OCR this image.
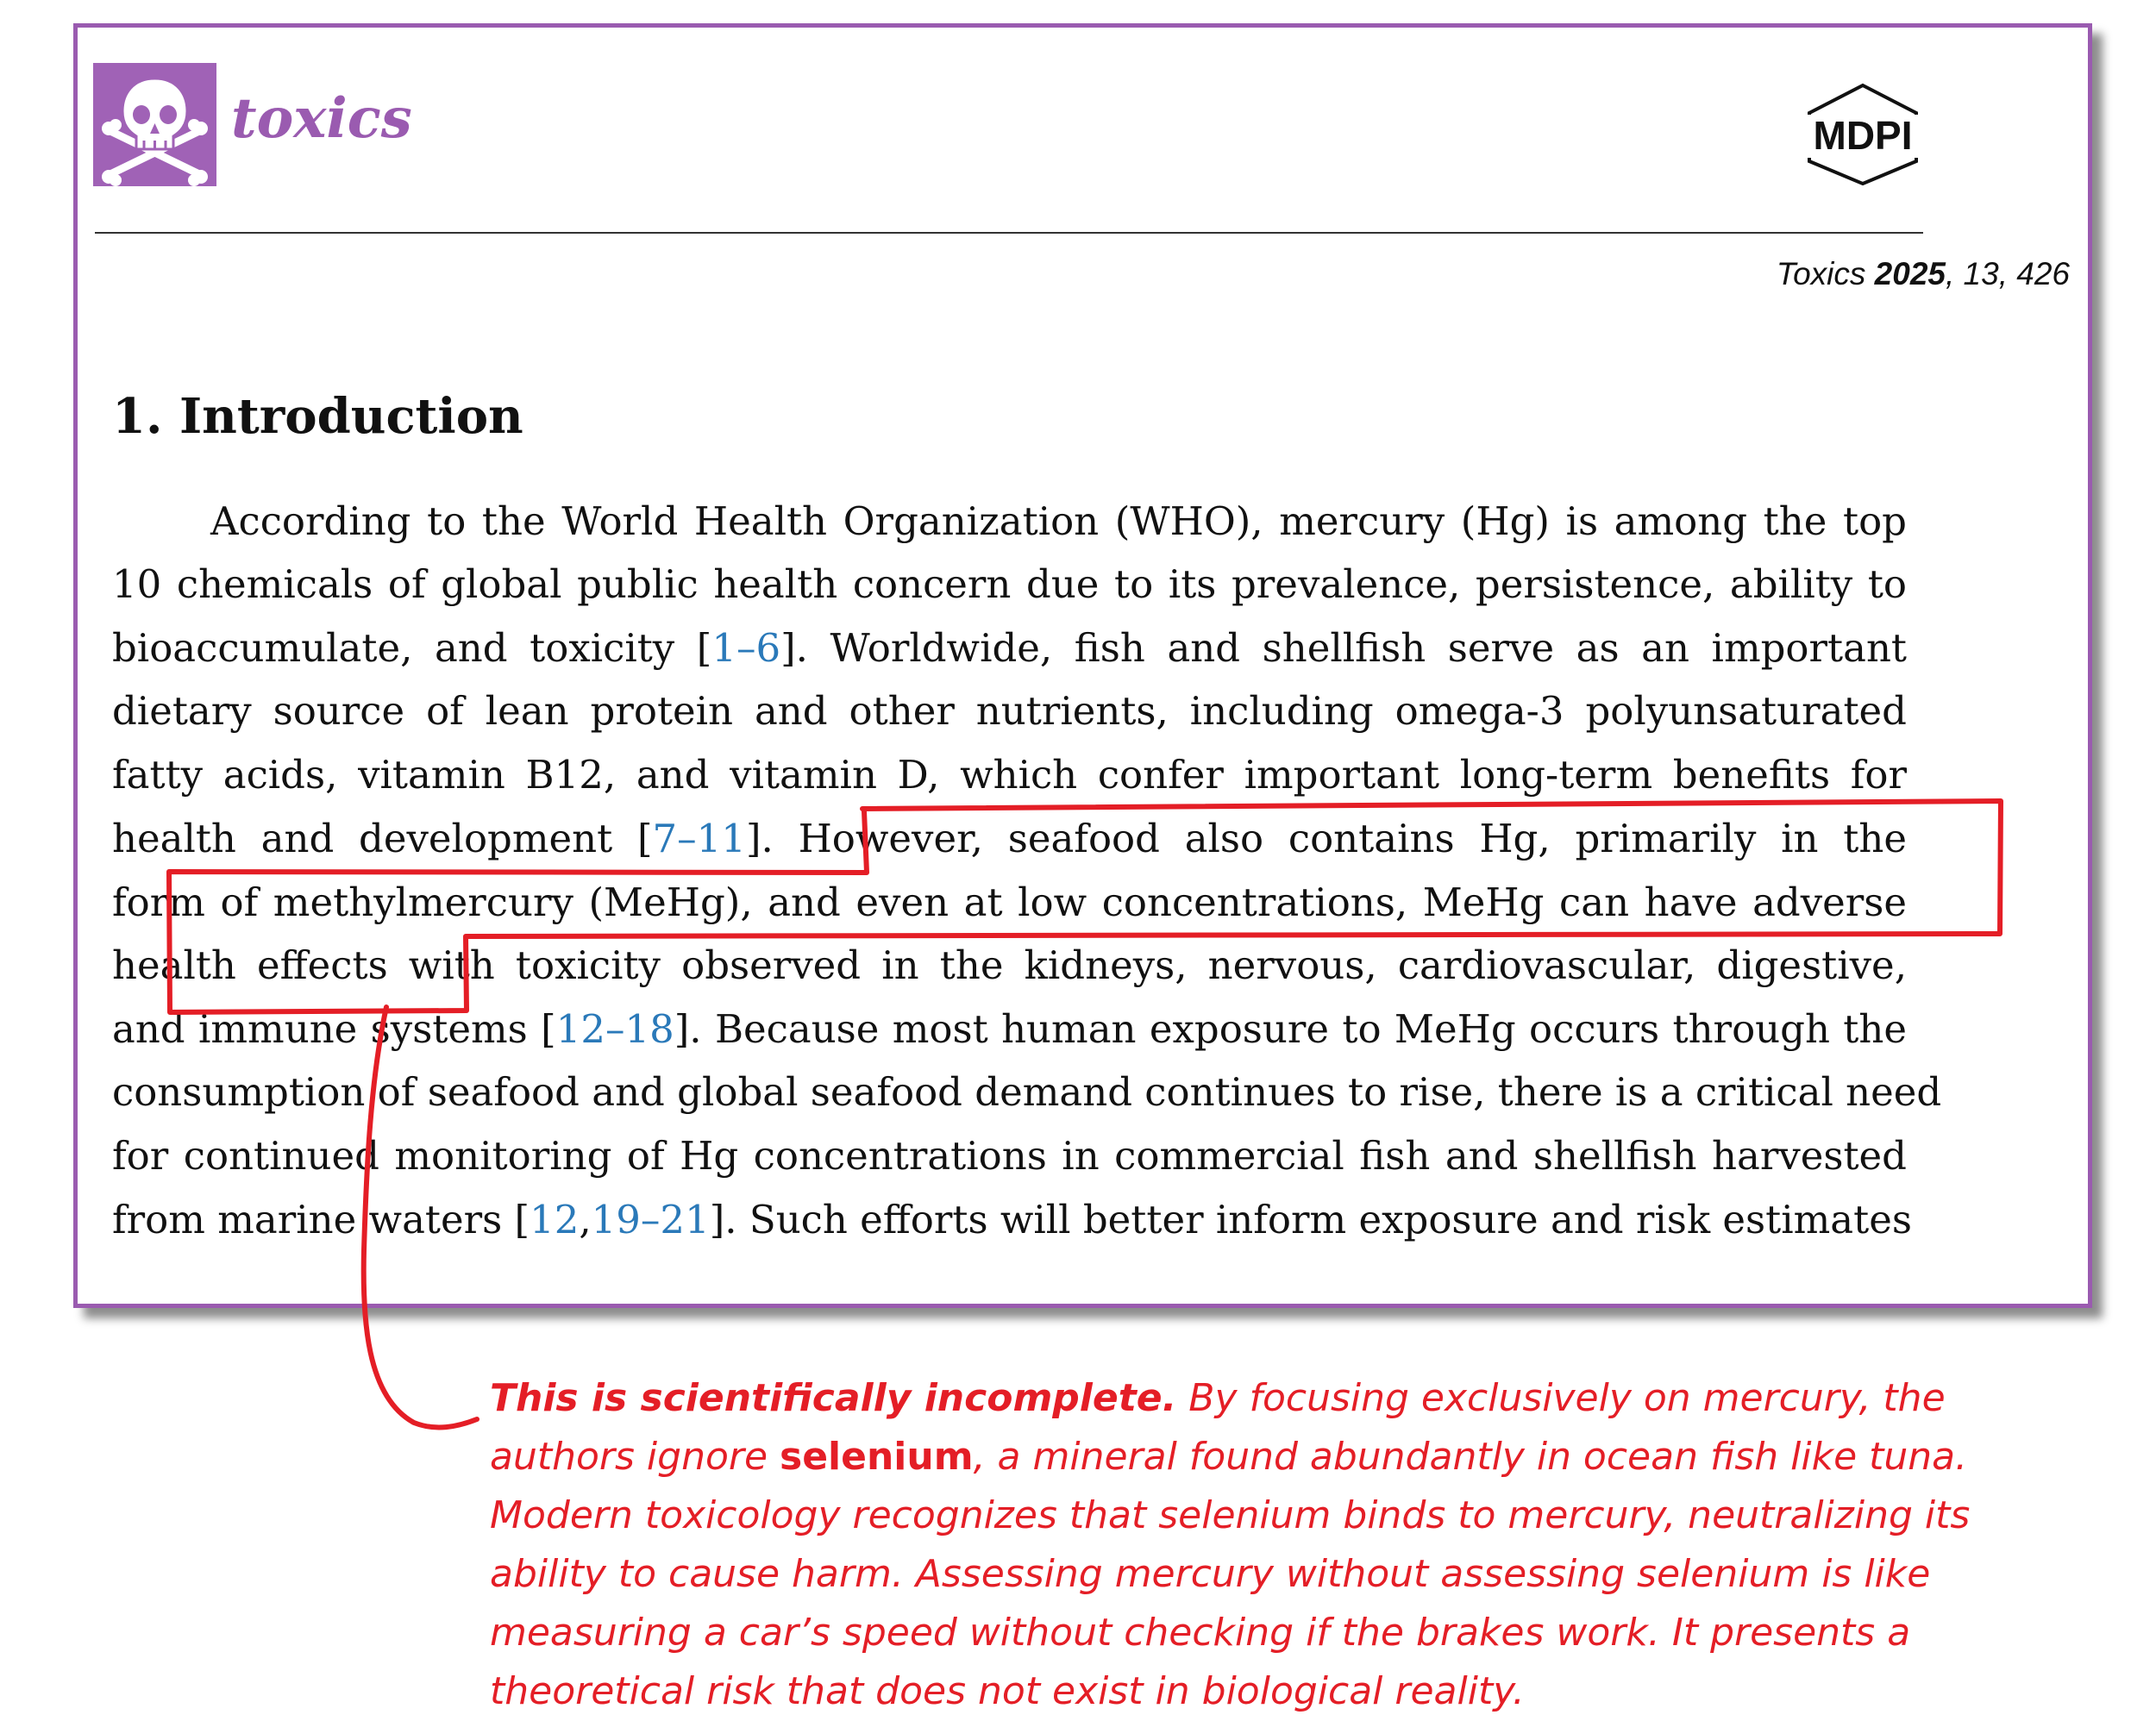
toxics	MDPI
Toxics 2025, 13, 426
1. Introduction
According to the World Health Organization (WHO), mercury (Hg) is among the top
10 chemicals of global public health concern due to its prevalence, persistence, ability to
bioaccumulate, and toxicity [1–6]. Worldwide, fish and shellfish serve as an important
dietary source of lean protein and other nutrients, including omega-3 polyunsaturated
fatty acids, vitamin B12, and vitamin D, which confer important long-term benefits for
health and development [7–11]. However, seafood also contains Hg, primarily in the
form of methylmercury (MeHg), and even at low concentrations, MeHg can have adverse
health effects with toxicity observed in the kidneys, nervous, cardiovascular, digestive,
and immune systems [12–18]. Because most human exposure to MeHg occurs through the
consumption of seafood and global seafood demand continues to rise, there is a critical need
for continued monitoring of Hg concentrations in commercial fish and shellfish harvested
from marine waters [12,19–21]. Such efforts will better inform exposure and risk estimates

This is scientifically incomplete. By focusing exclusively on mercury, the authors ignore selenium, a mineral found abundantly in ocean fish like tuna. Modern toxicology recognizes that selenium binds to mercury, neutralizing its ability to cause harm. Assessing mercury without assessing selenium is like measuring a car’s speed without checking if the brakes work. It presents a theoretical risk that does not exist in biological reality.
